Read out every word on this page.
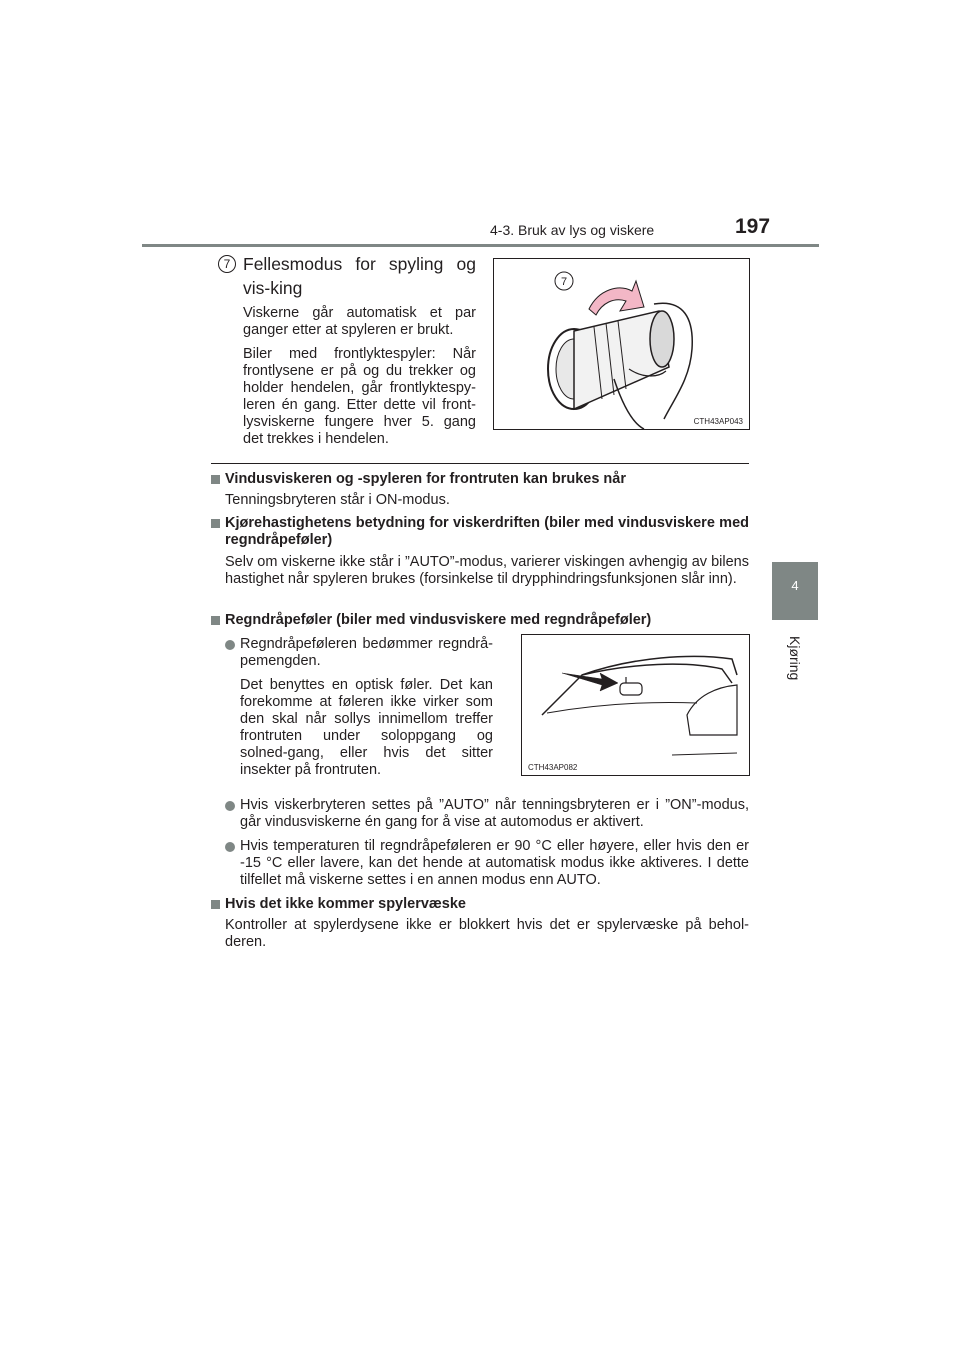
4-3. Bruk av lys og viskere	197
4
Kjøring
7 Fellesmodus for spyling og vis-king
Viskerne går automatisk et par ganger etter at spyleren er brukt.
Biler med frontlyktespyler: Når frontlysene er på og du trekker og holder hendelen, går frontlyktespy-leren én gang. Etter dette vil front-lysviskerne fungere hver 5. gang det trekkes i hendelen.
7
CTH43AP043
Vindusviskeren og -spyleren for frontruten kan brukes når
Tenningsbryteren står i ON-modus.
Kjørehastighetens betydning for viskerdriften (biler med vindusviskere med regndråpeføler)
Selv om viskerne ikke står i ”AUTO”-modus, varierer viskingen avhengig av bilens hastighet når spyleren brukes (forsinkelse til drypphindringsfunksjonen slår inn).
Regndråpeføler (biler med vindusviskere med regndråpeføler)
Regndråpeføleren bedømmer regndrå-pemengden.
Det benyttes en optisk føler. Det kan forekomme at føleren ikke virker som den skal når sollys innimellom treffer frontruten under soloppgang og solned-gang, eller hvis det sitter insekter på frontruten.	CTH43AP082
Hvis viskerbryteren settes på ”AUTO” når tenningsbryteren er i ”ON”-modus, går vindusviskerne én gang for å vise at automodus er aktivert.
Hvis temperaturen til regndråpeføleren er 90 °C eller høyere, eller hvis den er -15 °C eller lavere, kan det hende at automatisk modus ikke aktiveres. I dette tilfellet må viskerne settes i en annen modus enn AUTO.
Hvis det ikke kommer spylervæske
Kontroller at spylerdysene ikke er blokkert hvis det er spylervæske på behol-deren.
